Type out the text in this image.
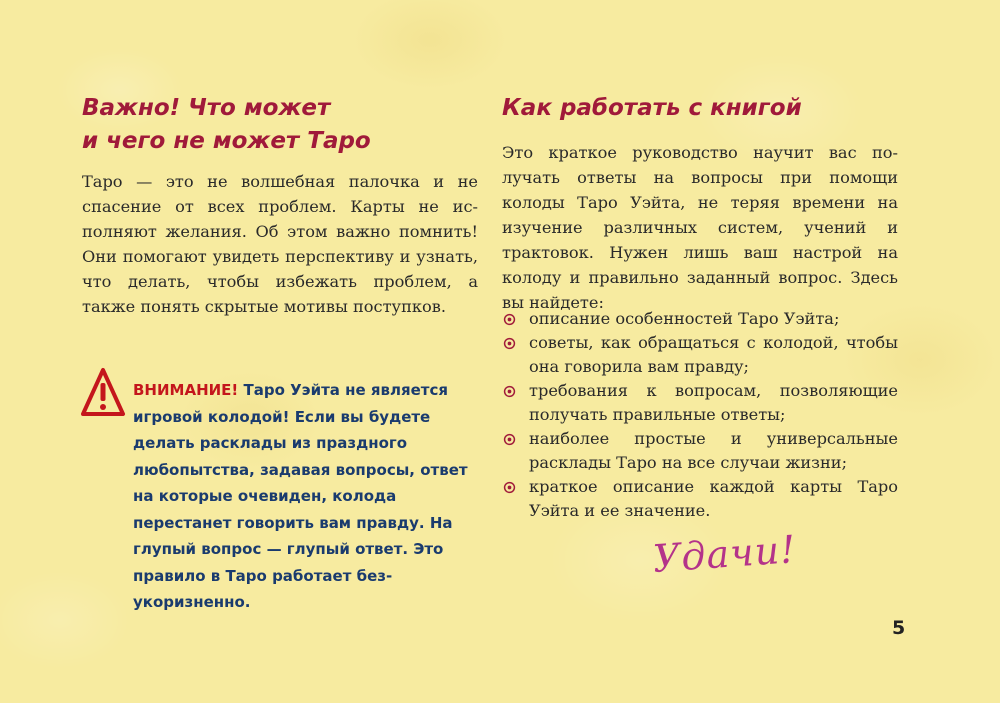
Важно! Что может
и чего не может Таро

Таро — это не волшебная палочка и не спасение от всех проблем. Карты не исполняют желания. Об этом важно помнить! Они помогают увидеть перспективу и узнать, что делать, чтобы избежать проблем, а также понять скрытые мотивы поступков.

ВНИМАНИЕ! Таро Уэйта не является игровой колодой! Если вы будете делать расклады из праздного любопытства, задавая вопросы, ответ на которые очевиден, колода перестанет говорить вам правду. На глупый вопрос — глупый ответ. Это правило в Таро работает безукоризненно.

Как работать с книгой

Это краткое руководство научит вас получать ответы на вопросы при помощи колоды Таро Уэйта, не теряя времени на изучение различных систем, учений и трактовок. Нужен лишь ваш настрой на колоду и правильно заданный вопрос. Здесь вы найдете:

описание особенностей Таро Уэйта;
советы, как обращаться с колодой, чтобы она говорила вам правду;
требования к вопросам, позволяющие получать правильные ответы;
наиболее простые и универсальные расклады Таро на все случаи жизни;
краткое описание каждой карты Таро Уэйта и ее значение.
Удачи!
5
